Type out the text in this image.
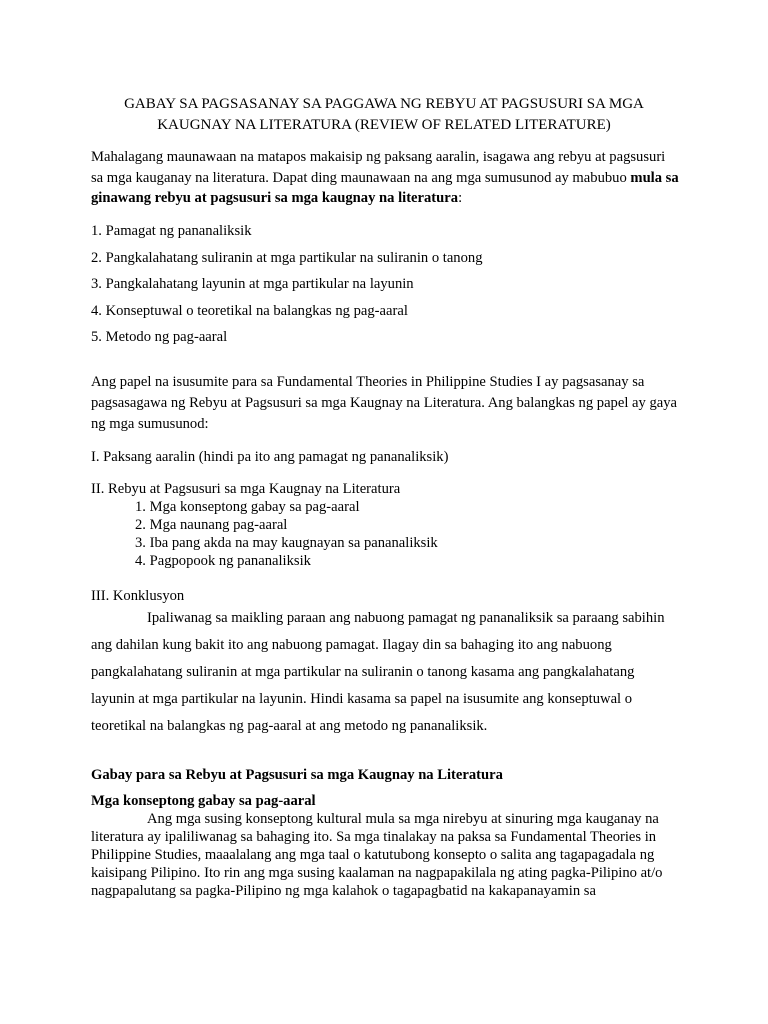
GABAY SA PAGSASANAY SA PAGGAWA NG REBYU AT PAGSUSURI SA MGA KAUGNAY NA LITERATURA (REVIEW OF RELATED LITERATURE)
Mahalagang maunawaan na matapos makaisip ng paksang aaralin, isagawa ang rebyu at pagsusuri sa mga kauganay na literatura. Dapat ding maunawaan na ang mga sumusunod ay mabubuo mula sa ginawang rebyu at pagsusuri sa mga kaugnay na literatura:
1. Pamagat ng pananaliksik
2. Pangkalahatang suliranin at mga partikular na suliranin o tanong
3. Pangkalahatang layunin at mga partikular na layunin
4. Konseptuwal o teoretikal na balangkas ng pag-aaral
5. Metodo ng pag-aaral
Ang papel na isusumite para sa Fundamental Theories in Philippine Studies I ay pagsasanay sa pagsasagawa ng Rebyu at Pagsusuri sa mga Kaugnay na Literatura. Ang balangkas ng papel ay gaya ng mga sumusunod:
I. Paksang aaralin (hindi pa ito ang pamagat ng pananaliksik)
II. Rebyu at Pagsusuri sa mga Kaugnay na Literatura
1. Mga konseptong gabay sa pag-aaral
2. Mga naunang pag-aaral
3. Iba pang akda na may kaugnayan sa pananaliksik
4. Pagpopook ng pananaliksik
III. Konklusyon
Ipaliwanag sa maikling paraan ang nabuong pamagat ng pananaliksik sa paraang sabihin ang dahilan kung bakit ito ang nabuong pamagat. Ilagay din sa bahaging ito ang nabuong pangkalahatang suliranin at mga partikular na suliranin o tanong kasama ang pangkalahatang layunin at mga partikular na layunin. Hindi kasama sa papel na isusumite ang konseptuwal o teoretikal na balangkas ng pag-aaral at ang metodo ng pananaliksik.
Gabay para sa Rebyu at Pagsusuri sa mga Kaugnay na Literatura
Mga konseptong gabay sa pag-aaral
Ang mga susing konseptong kultural mula sa mga nirebyu at sinuring mga kauganay na literatura ay ipaliliwanag sa bahaging ito. Sa mga tinalakay na paksa sa Fundamental Theories in Philippine Studies, maaalalang ang mga taal o katutubong konsepto o salita ang tagapagadala ng kaisipang Pilipino. Ito rin ang mga susing kaalaman na nagpapakilala ng ating pagka-Pilipino at/o nagpapalutang sa pagka-Pilipino ng mga kalahok o tagapagbatid na kakapanayamin sa
